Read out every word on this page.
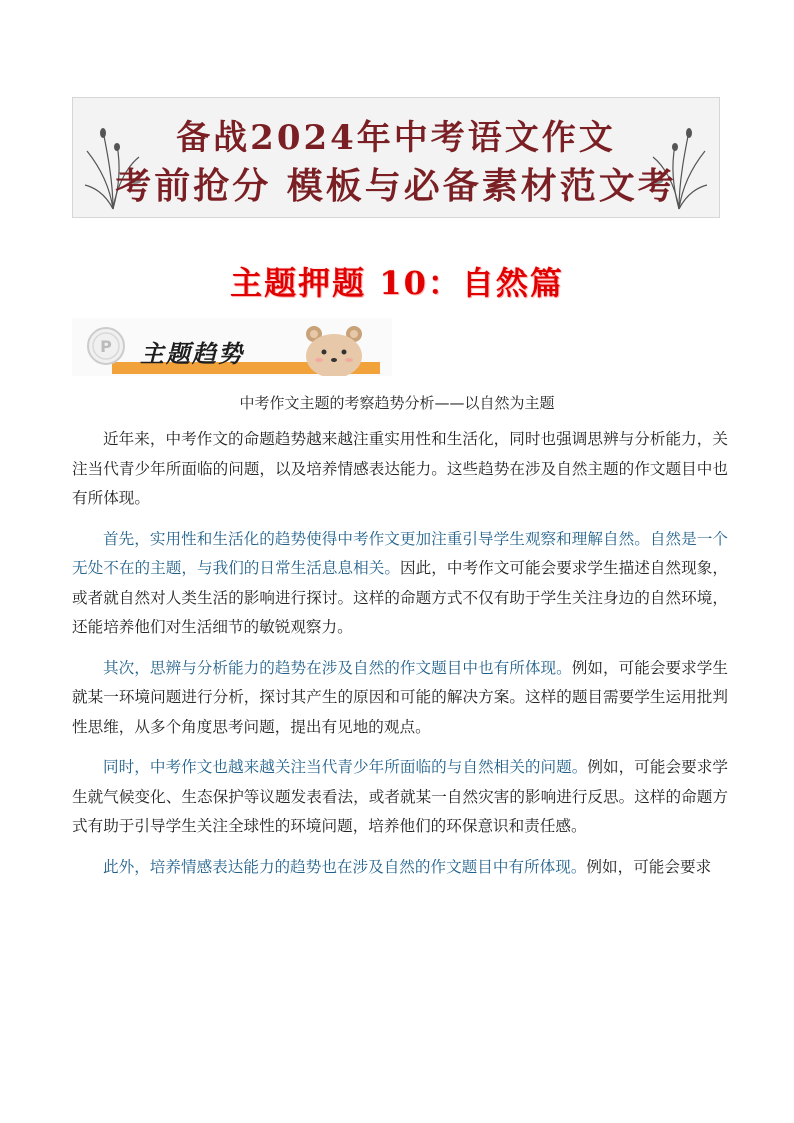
备战2024年中考语文作文
考前抢分 模板与必备素材范文考
主题押题 10：自然篇
P 主题趋势
中考作文主题的考察趋势分析——以自然为主题

近年来，中考作文的命题趋势越来越注重实用性和生活化，同时也强调思辨与分析能力，关注当代青少年所面临的问题，以及培养情感表达能力。这些趋势在涉及自然主题的作文题目中也有所体现。

首先，实用性和生活化的趋势使得中考作文更加注重引导学生观察和理解自然。自然是一个无处不在的主题，与我们的日常生活息息相关。因此，中考作文可能会要求学生描述自然现象，或者就自然对人类生活的影响进行探讨。这样的命题方式不仅有助于学生关注身边的自然环境，还能培养他们对生活细节的敏锐观察力。

其次，思辨与分析能力的趋势在涉及自然的作文题目中也有所体现。例如，可能会要求学生就某一环境问题进行分析，探讨其产生的原因和可能的解决方案。这样的题目需要学生运用批判性思维，从多个角度思考问题，提出有见地的观点。

同时，中考作文也越来越关注当代青少年所面临的与自然相关的问题。例如，可能会要求学生就气候变化、生态保护等议题发表看法，或者就某一自然灾害的影响进行反思。这样的命题方式有助于引导学生关注全球性的环境问题，培养他们的环保意识和责任感。

此外，培养情感表达能力的趋势也在涉及自然的作文题目中有所体现。例如，可能会要求
